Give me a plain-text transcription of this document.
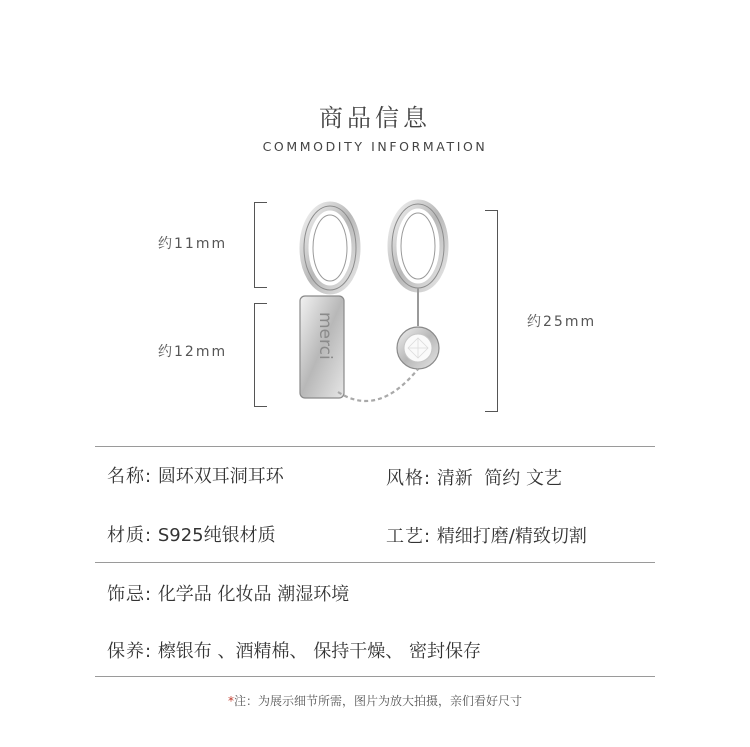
商品信息
COMMODITY INFORMATION
约11mm
约12mm
约25mm
merci
名称: 圆环双耳洞耳环	风格: 清新  简约 文艺
材质: S925纯银材质	工艺: 精细打磨/精致切割
饰忌: 化学品 化妆品 潮湿环境
保养: 檫银布 、酒精棉、 保持干燥、 密封保存
*注：为展示细节所需，图片为放大拍摄，亲们看好尺寸
